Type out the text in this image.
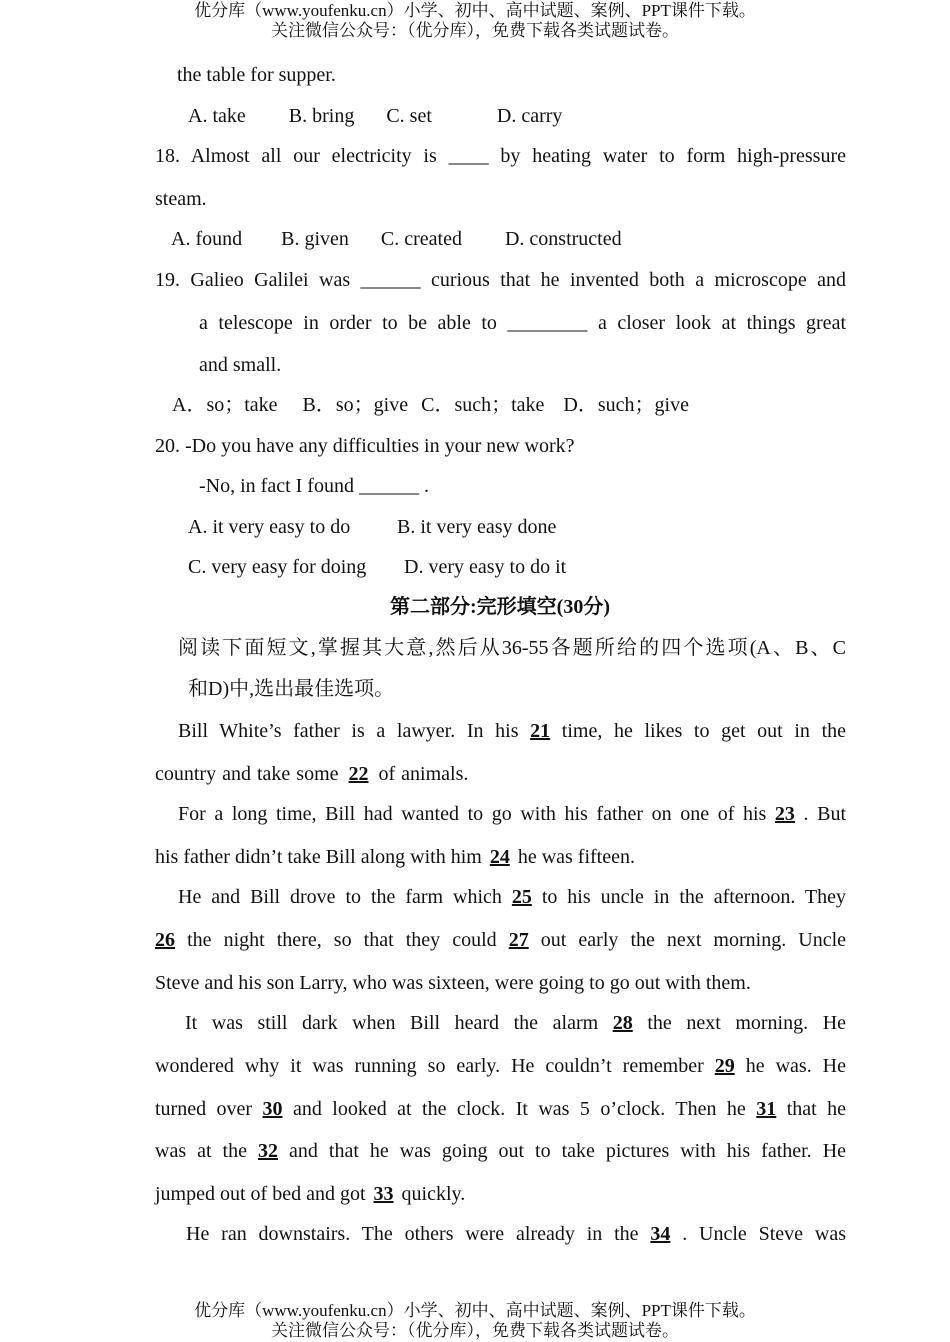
优分库（www.youfenku.cn）小学、初中、高中试题、案例、PPT课件下载。
关注微信公众号：（优分库），免费下载各类试题试卷。
the table for supper.
A. take B. bring C. set	D. carry
18. Almost all our electricity is ____ by heating water to form high-pressure
steam.
A. found B. given C. created D. constructed
19. Galieo Galilei was ______ curious that he invented both a microscope and
a telescope in order to be able to ________ a closer look at things great
and small.
A．so；take B．so；give C．such；take D．such；give
20. -Do you have any difficulties in your new work?
-No, in fact I found ______ .
A. it very easy to do B. it very easy done
C. very easy for doing D. very easy to do it
第二部分:完形填空(30分)
阅读下面短文,掌握其大意,然后从36-55各题所给的四个选项(A、B、C
和D)中,选出最佳选项。
Bill White’s father is a lawyer. In his 21 time, he likes to get out in the
country and take some 22 of animals.
For a long time, Bill had wanted to go with his father on one of his 23 . But
his father didn’t take Bill along with him 24 he was fifteen.
He and Bill drove to the farm which 25 to his uncle in the afternoon. They
26 the night there, so that they could 27 out early the next morning. Uncle
Steve and his son Larry, who was sixteen, were going to go out with them.
It was still dark when Bill heard the alarm 28 the next morning. He
wondered why it was running so early. He couldn’t remember 29 he was. He
turned over 30 and looked at the clock. It was 5 o’clock. Then he 31 that he
was at the 32 and that he was going out to take pictures with his father. He
jumped out of bed and got 33 quickly.
He ran downstairs. The others were already in the 34 . Uncle Steve was
优分库（www.youfenku.cn）小学、初中、高中试题、案例、PPT课件下载。
关注微信公众号：（优分库），免费下载各类试题试卷。
